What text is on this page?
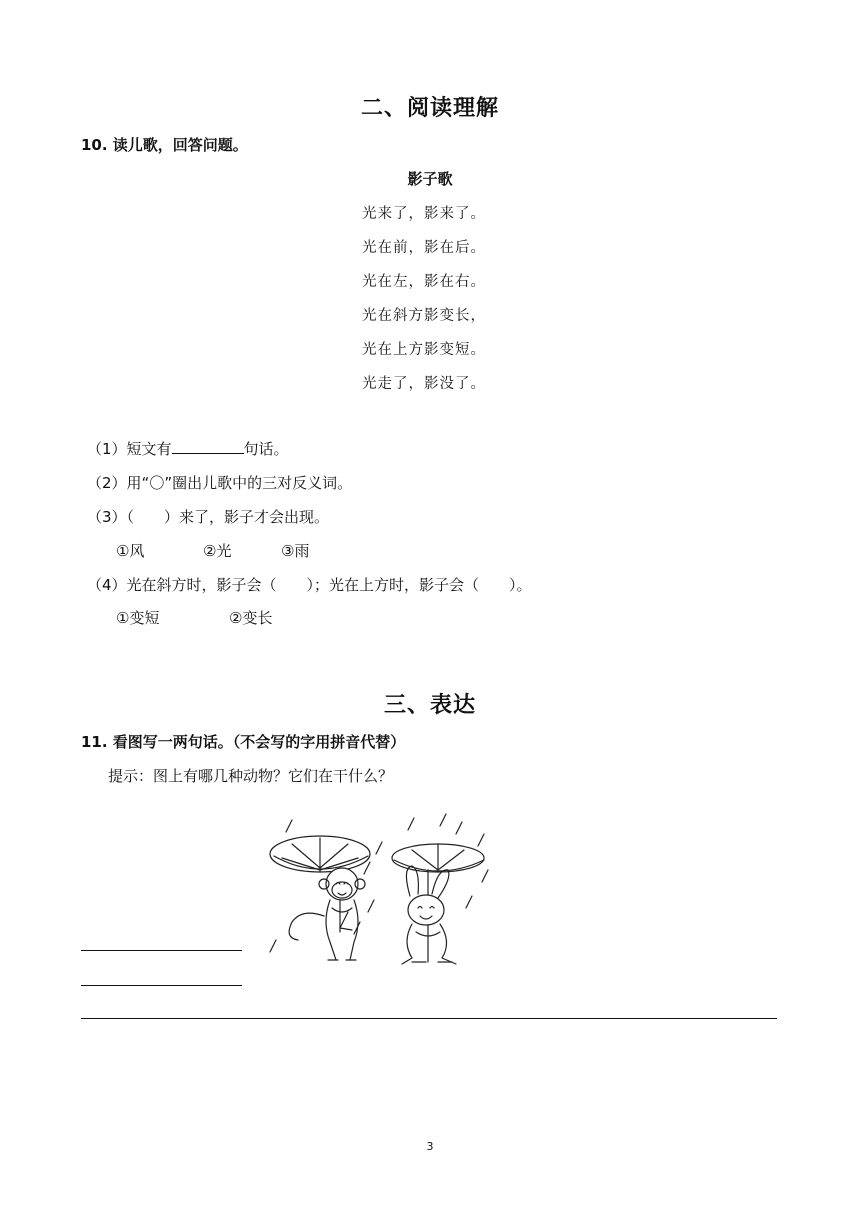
二、阅读理解
10. 读儿歌，回答问题。
影子歌
光来了，影来了。
光在前，影在后。
光在左，影在右。
光在斜方影变长，
光在上方影变短。
光走了，影没了。
（1）短文有	句话。
（2）用“〇”圈出儿歌中的三对反义词。
（3）（　　）来了，影子才会出现。
①风	②光	③雨
（4）光在斜方时，影子会（　　）；光在上方时，影子会（　　）。
①变短	②变长
三、表达
11. 看图写一两句话。（不会写的字用拼音代替）
提示：图上有哪几种动物？它们在干什么？
3
